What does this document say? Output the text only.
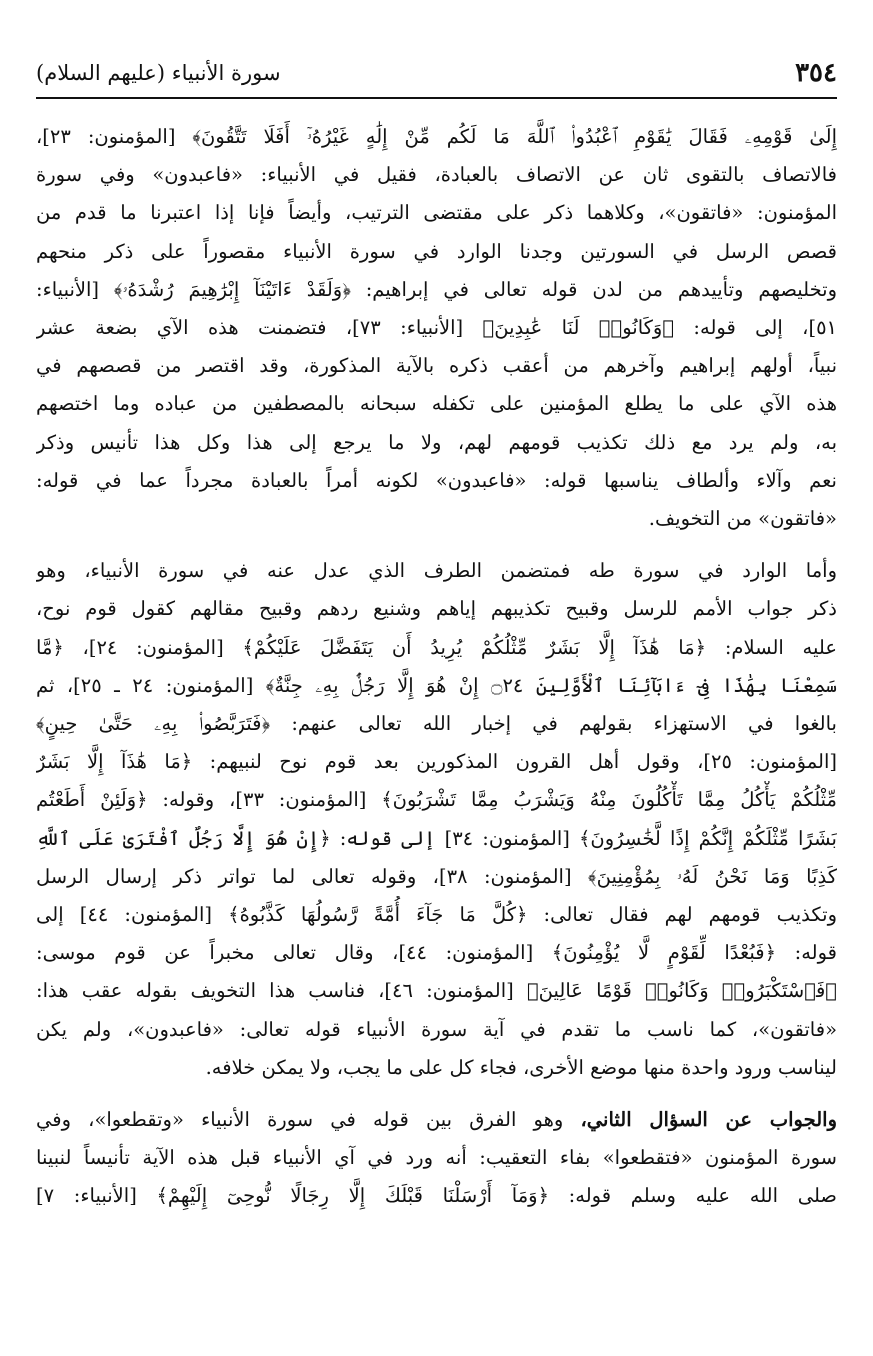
٣٥٤
سورة الأنبياء (عليهم السلام)

إِلَىٰ قَوْمِهِۦ فَقَالَ يَٰقَوْمِ ٱعْبُدُوا۟ ٱللَّهَ مَا لَكُم مِّنْ إِلَٰهٍ غَيْرُهُۥٓ أَفَلَا تَتَّقُونَ﴾ [المؤمنون: ٢٣]،
فالاتصاف بالتقوى ثان عن الاتصاف بالعبادة، فقيل في الأنبياء: «فاعبدون» وفي سورة
المؤمنون: «فاتقون»، وكلاهما ذكر على مقتضى الترتيب، وأيضاً فإنا إذا اعتبرنا ما قدم من
قصص الرسل في السورتين وجدنا الوارد في سورة الأنبياء مقصوراً على ذكر منحهم
وتخليصهم وتأييدهم من لدن قوله تعالى في إبراهيم: ﴿وَلَقَدْ ءَاتَيْنَآ إِبْرَٰهِيمَ رُشْدَهُۥ﴾ [الأنبياء:
٥١]، إلى قوله: ﴿وَكَانُوا۟ لَنَا عَٰبِدِينَ﴾ [الأنبياء: ٧٣]، فتضمنت هذه الآي بضعة عشر
نبياً، أولهم إبراهيم وآخرهم من أعقب ذكره بالآية المذكورة، وقد اقتصر من قصصهم في
هذه الآي على ما يطلع المؤمنين على تكفله سبحانه بالمصطفين من عباده وما اختصهم
به، ولم يرد مع ذلك تكذيب قومهم لهم، ولا ما يرجع إلى هذا وكل هذا تأنيس وذكر
نعم وآلاء وألطاف يناسبها قوله: «فاعبدون» لكونه أمراً بالعبادة مجرداً عما في قوله:
«فاتقون» من التخويف.

وأما الوارد في سورة طه فمتضمن الطرف الذي عدل عنه في سورة الأنبياء، وهو
ذكر جواب الأمم للرسل وقبيح تكذيبهم إياهم وشنيع ردهم وقبيح مقالهم كقول قوم نوح،
عليه السلام: ﴿مَا هَٰذَآ إِلَّا بَشَرٌ مِّثْلُكُمْ يُرِيدُ أَن يَتَفَضَّلَ عَلَيْكُمْ﴾ [المؤمنون: ٢٤]، ﴿مَّا
سَمِعْنَا بِهَٰذَا فِىٓ ءَابَآئِنَا ٱلْأَوَّلِينَ ۝٢٤ إِنْ هُوَ إِلَّا رَجُلٌۢ بِهِۦ جِنَّةٌ﴾ [المؤمنون: ٢٤ ـ ٢٥]، ثم
بالغوا في الاستهزاء بقولهم في إخبار الله تعالى عنهم: ﴿فَتَرَبَّصُوا۟ بِهِۦ حَتَّىٰ حِينٍ﴾
[المؤمنون: ٢٥]، وقول أهل القرون المذكورين بعد قوم نوح لنبيهم: ﴿مَا هَٰذَآ إِلَّا بَشَرٌ
مِّثْلُكُمْ يَأْكُلُ مِمَّا تَأْكُلُونَ مِنْهُ وَيَشْرَبُ مِمَّا تَشْرَبُونَ﴾ [المؤمنون: ٣٣]، وقوله: ﴿وَلَئِنْ أَطَعْتُم
بَشَرًا مِّثْلَكُمْ إِنَّكُمْ إِذًا لَّخَٰسِرُونَ﴾ [المؤمنون: ٣٤] إلى قوله: ﴿إِنْ هُوَ إِلَّا رَجُلٌ ٱفْتَرَىٰ عَلَى ٱللَّهِ
كَذِبًا وَمَا نَحْنُ لَهُۥ بِمُؤْمِنِينَ﴾ [المؤمنون: ٣٨]، وقوله تعالى لما تواتر ذكر إرسال الرسل
وتكذيب قومهم لهم فقال تعالى: ﴿كُلَّ مَا جَآءَ أُمَّةً رَّسُولُهَا كَذَّبُوهُ﴾ [المؤمنون: ٤٤] إلى
قوله: ﴿فَبُعْدًا لِّقَوْمٍ لَّا يُؤْمِنُونَ﴾ [المؤمنون: ٤٤]، وقال تعالى مخبراً عن قوم موسى:
﴿فَٱسْتَكْبَرُوا۟ وَكَانُوا۟ قَوْمًا عَالِينَ﴾ [المؤمنون: ٤٦]، فناسب هذا التخويف بقوله عقب هذا:
«فاتقون»، كما ناسب ما تقدم في آية سورة الأنبياء قوله تعالى: «فاعبدون»، ولم يكن
ليناسب ورود واحدة منها موضع الأخرى، فجاء كل على ما يجب، ولا يمكن خلافه.

والجواب عن السؤال الثاني، وهو الفرق بين قوله في سورة الأنبياء «وتقطعوا»، وفي
سورة المؤمنون «فتقطعوا» بفاء التعقيب: أنه ورد في آي الأنبياء قبل هذه الآية تأنيساً لنبينا
صلى الله عليه وسلم قوله: ﴿وَمَآ أَرْسَلْنَا قَبْلَكَ إِلَّا رِجَالًا نُّوحِىٓ إِلَيْهِمْ﴾ [الأنبياء: ٧]
